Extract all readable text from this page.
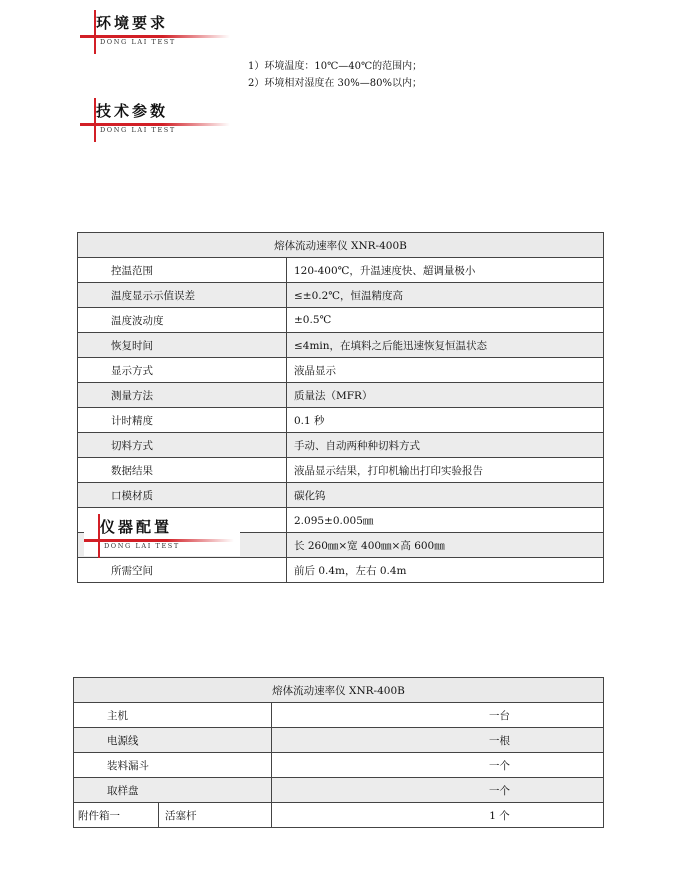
环境要求
DONG LAI TEST
1）环境温度：10℃—40℃的范围内；
2）环境相对湿度在 30%—80%以内；
技术参数
DONG LAI TEST
熔体流动速率仪 XNR-400B	
控温范围	120-400℃，升温速度快、超调量极小
温度显示示值误差	≤±0.2℃，恒温精度高
温度波动度	±0.5℃
恢复时间	≤4min，在填料之后能迅速恢复恒温状态
显示方式	液晶显示
测量方法	质量法（MFR）
计时精度	0.1 秒
切料方式	手动、自动两种种切料方式
数据结果	液晶显示结果，打印机输出打印实验报告
口模材质	碳化钨
	2.095±0.005㎜
	长 260㎜×宽 400㎜×高 600㎜
所需空间	前后 0.4m，左右 0.4m
仪器配置
DONG LAI TEST
熔体流动速率仪 XNR-400B		
主机		一台
电源线		一根
装料漏斗		一个
取样盘		一个
附件箱一	活塞杆	1 个
